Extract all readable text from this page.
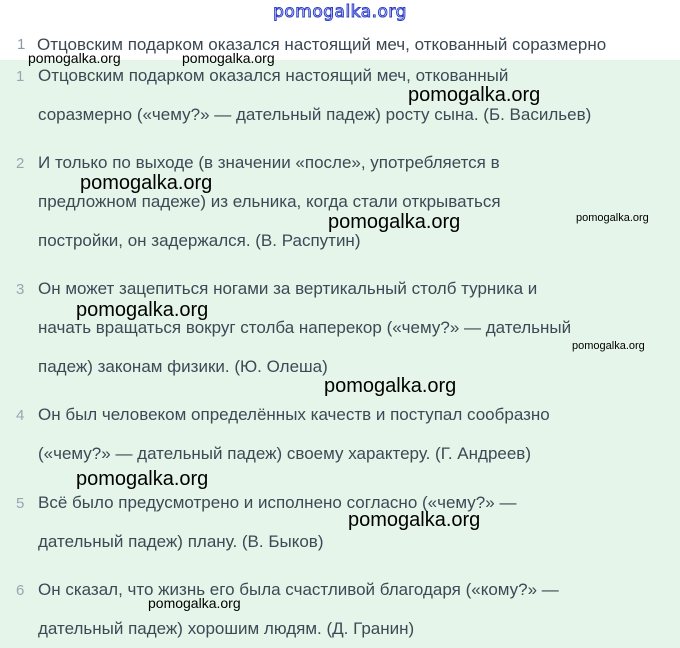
pomogalka.org
1 Отцовским подарком оказался настоящий меч, откованный соразмерно
1 Отцовским подарком оказался настоящий меч, откованный
соразмерно («чему?» — дательный падеж) росту сына. (Б. Васильев)
2 И только по выходе (в значении «после», употребляется в
предложном падеже) из ельника, когда стали открываться
постройки, он задержался. (В. Распутин)
3 Он может зацепиться ногами за вертикальный столб турника и
начать вращаться вокруг столба наперекор («чему?» — дательный
падеж) законам физики. (Ю. Олеша)
4 Он был человеком определённых качеств и поступал сообразно
(«чему?» — дательный падеж) своему характеру. (Г. Андреев)
5 Всё было предусмотрено и исполнено согласно («чему?» —
дательный падеж) плану. (В. Быков)
6 Он сказал, что жизнь его была счастливой благодаря («кому?» —
дательный падеж) хорошим людям. (Д. Гранин)
pomogalka.org	pomogalka.org
pomogalka.org
pomogalka.org
pomogalka.org	pomogalka.org
pomogalka.org
pomogalka.org
pomogalka.org
pomogalka.org
pomogalka.org
pomogalka.org
